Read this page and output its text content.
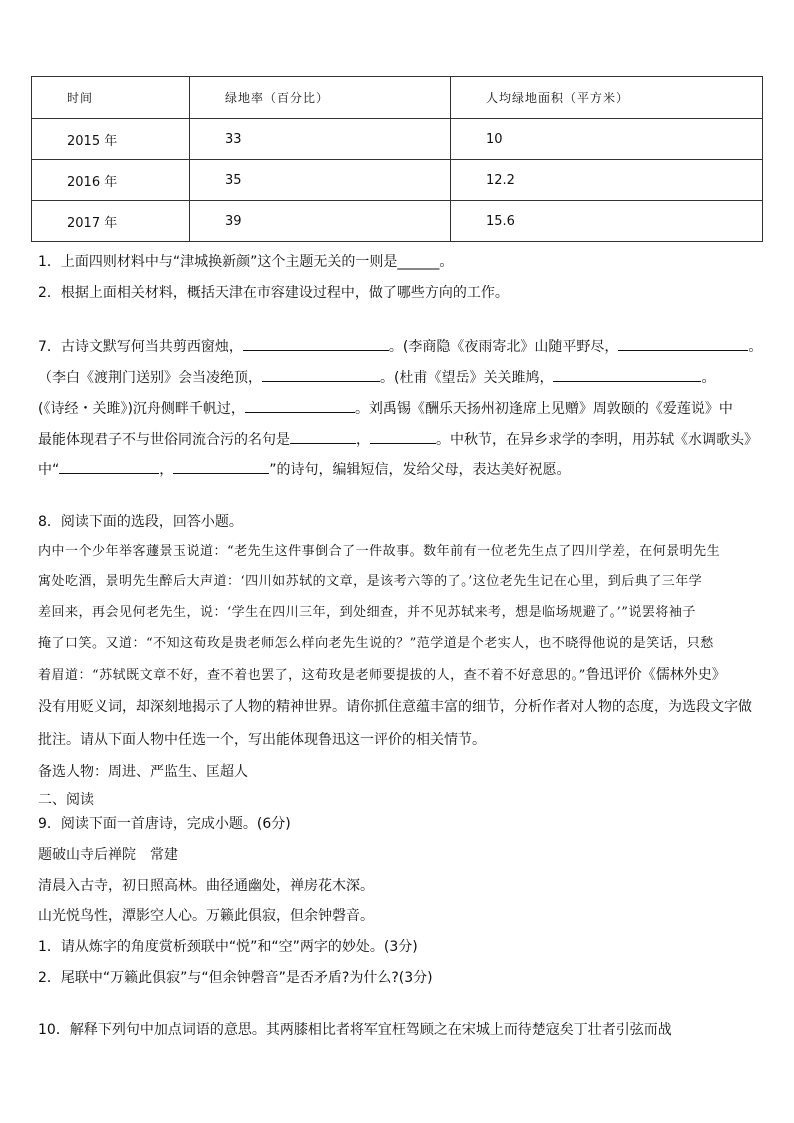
时间	绿地率（百分比）	人均绿地面积（平方米）
2015 年	33	10
2016 年	35	12.2
2017 年	39	15.6
1．上面四则材料中与“津城换新颜”这个主题无关的一则是______。
2．根据上面相关材料，概括天津在市容建设过程中，做了哪些方向的工作。
7．古诗文默写何当共剪西窗烛，	。(李商隐《夜雨寄北》山随平野尽，	。
（李白《渡荆门送别》会当凌绝顶，	。(杜甫《望岳》关关雎鸠，	。
(《诗经・关雎》)沉舟侧畔千帆过，	。刘禹锡《酬乐天扬州初逢席上见赠》周敦颐的《爱莲说》中
最能体现君子不与世俗同流合污的名句是	，	。中秋节，在异乡求学的李明，用苏轼《水调歌头》
中“	，	”的诗句，编辑短信，发给父母，表达美好祝愿。
8．阅读下面的选段，回答小题。
内中一个少年举客蘧景玉说道：“老先生这件事倒合了一件故事。数年前有一位老先生点了四川学差，在何景明先生
寓处吃酒，景明先生醉后大声道：‘四川如苏轼的文章，是该考六等的了。’这位老先生记在心里，到后典了三年学
差回来，再会见何老先生，说：‘学生在四川三年，到处细查，并不见苏轼来考，想是临场规避了。’”说罢将袖子
掩了口笑。又道：“不知这荀玫是贵老师怎么样向老先生说的？”范学道是个老实人，也不晓得他说的是笑话，只愁
着眉道：“苏轼既文章不好，查不着也罢了，这荀玫是老师要提拔的人，查不着不好意思的。”鲁迅评价《儒林外史》
没有用贬义词，却深刻地揭示了人物的精神世界。请你抓住意蕴丰富的细节，分析作者对人物的态度，为选段文字做
批注。请从下面人物中任选一个，写出能体现鲁迅这一评价的相关情节。
备选人物：周进、严监生、匡超人
二、阅读
9．阅读下面一首唐诗，完成小题。(6分)
题破山寺后禅院　常建
清晨入古寺，初日照高林。曲径通幽处，禅房花木深。
山光悦鸟性，潭影空人心。万籁此俱寂，但余钟磬音。
1．请从炼字的角度赏析颈联中“悦”和“空”两字的妙处。(3分)
2．尾联中“万籁此俱寂”与“但余钟磬音”是否矛盾?为什么?(3分)
10．解释下列句中加点词语的意思。其两膝相比者将军宜枉驾顾之在宋城上而待楚寇矣丁壮者引弦而战
